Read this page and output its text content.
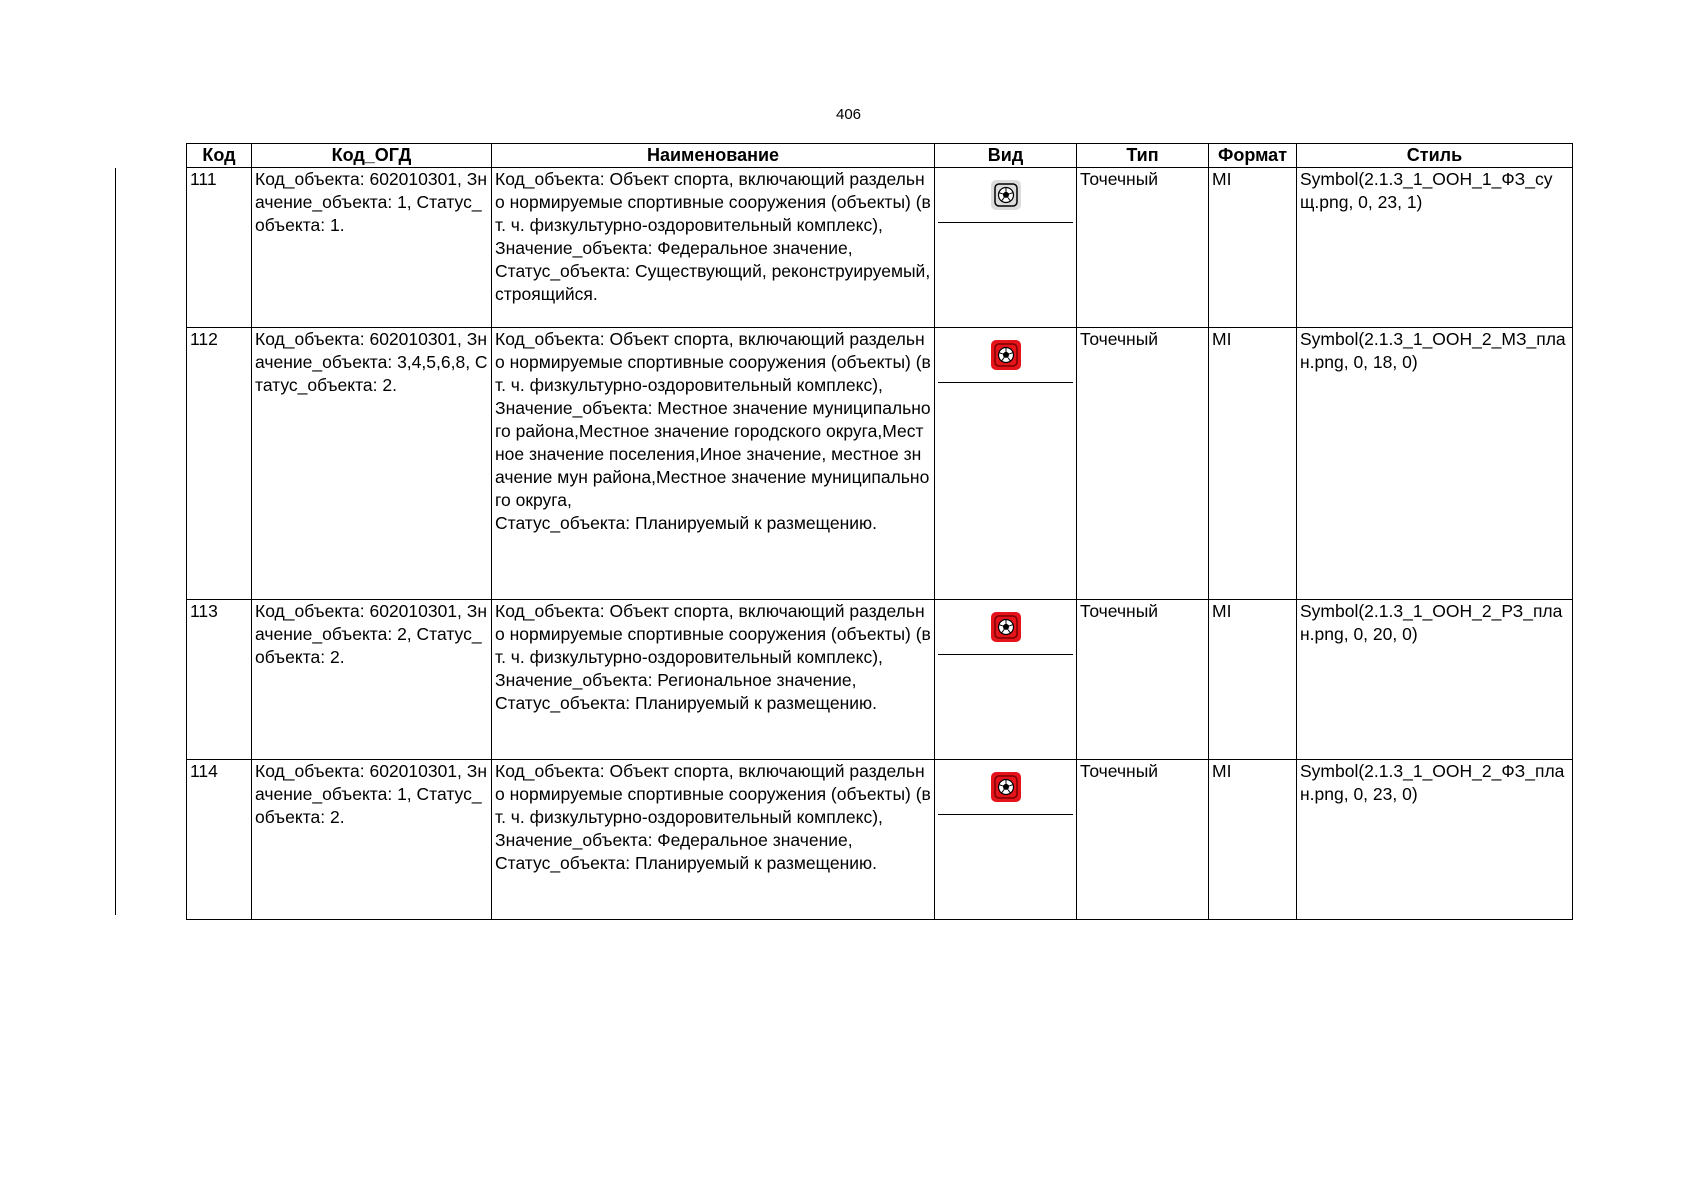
406
Код	Код_ОГД	Наименование	Вид	Тип	Формат	Стиль
111	Код_объекта: 602010301, Значение_объекта: 1, Статус_объекта: 1.	Код_объекта: Объект спорта, включающий раздельно нормируемые спортивные сооружения (объекты) (в т. ч. физкультурно-оздоровительный комплекс),
Значение_объекта: Федеральное значение,
Статус_объекта: Существующий, реконструируемый, строящийся.		Точечный	MI	Symbol(2.1.3_1_ООН_1_ФЗ_сущ.png, 0, 23, 1)
112	Код_объекта: 602010301, Значение_объекта: 3,4,5,6,8, Статус_объекта: 2.	Код_объекта: Объект спорта, включающий раздельно нормируемые спортивные сооружения (объекты) (в т. ч. физкультурно-оздоровительный комплекс),
Значение_объекта: Местное значение муниципального района,Местное значение городского округа,Местное значение поселения,Иное значение, местное значение мун района,Местное значение муниципального округа,
Статус_объекта: Планируемый к размещению.		Точечный	MI	Symbol(2.1.3_1_ООН_2_МЗ_план.png, 0, 18, 0)
113	Код_объекта: 602010301, Значение_объекта: 2, Статус_объекта: 2.	Код_объекта: Объект спорта, включающий раздельно нормируемые спортивные сооружения (объекты) (в т. ч. физкультурно-оздоровительный комплекс),
Значение_объекта: Региональное значение,
Статус_объекта: Планируемый к размещению.		Точечный	MI	Symbol(2.1.3_1_ООН_2_РЗ_план.png, 0, 20, 0)
114	Код_объекта: 602010301, Значение_объекта: 1, Статус_объекта: 2.	Код_объекта: Объект спорта, включающий раздельно нормируемые спортивные сооружения (объекты) (в т. ч. физкультурно-оздоровительный комплекс),
Значение_объекта: Федеральное значение,
Статус_объекта: Планируемый к размещению.		Точечный	MI	Symbol(2.1.3_1_ООН_2_ФЗ_план.png, 0, 23, 0)
